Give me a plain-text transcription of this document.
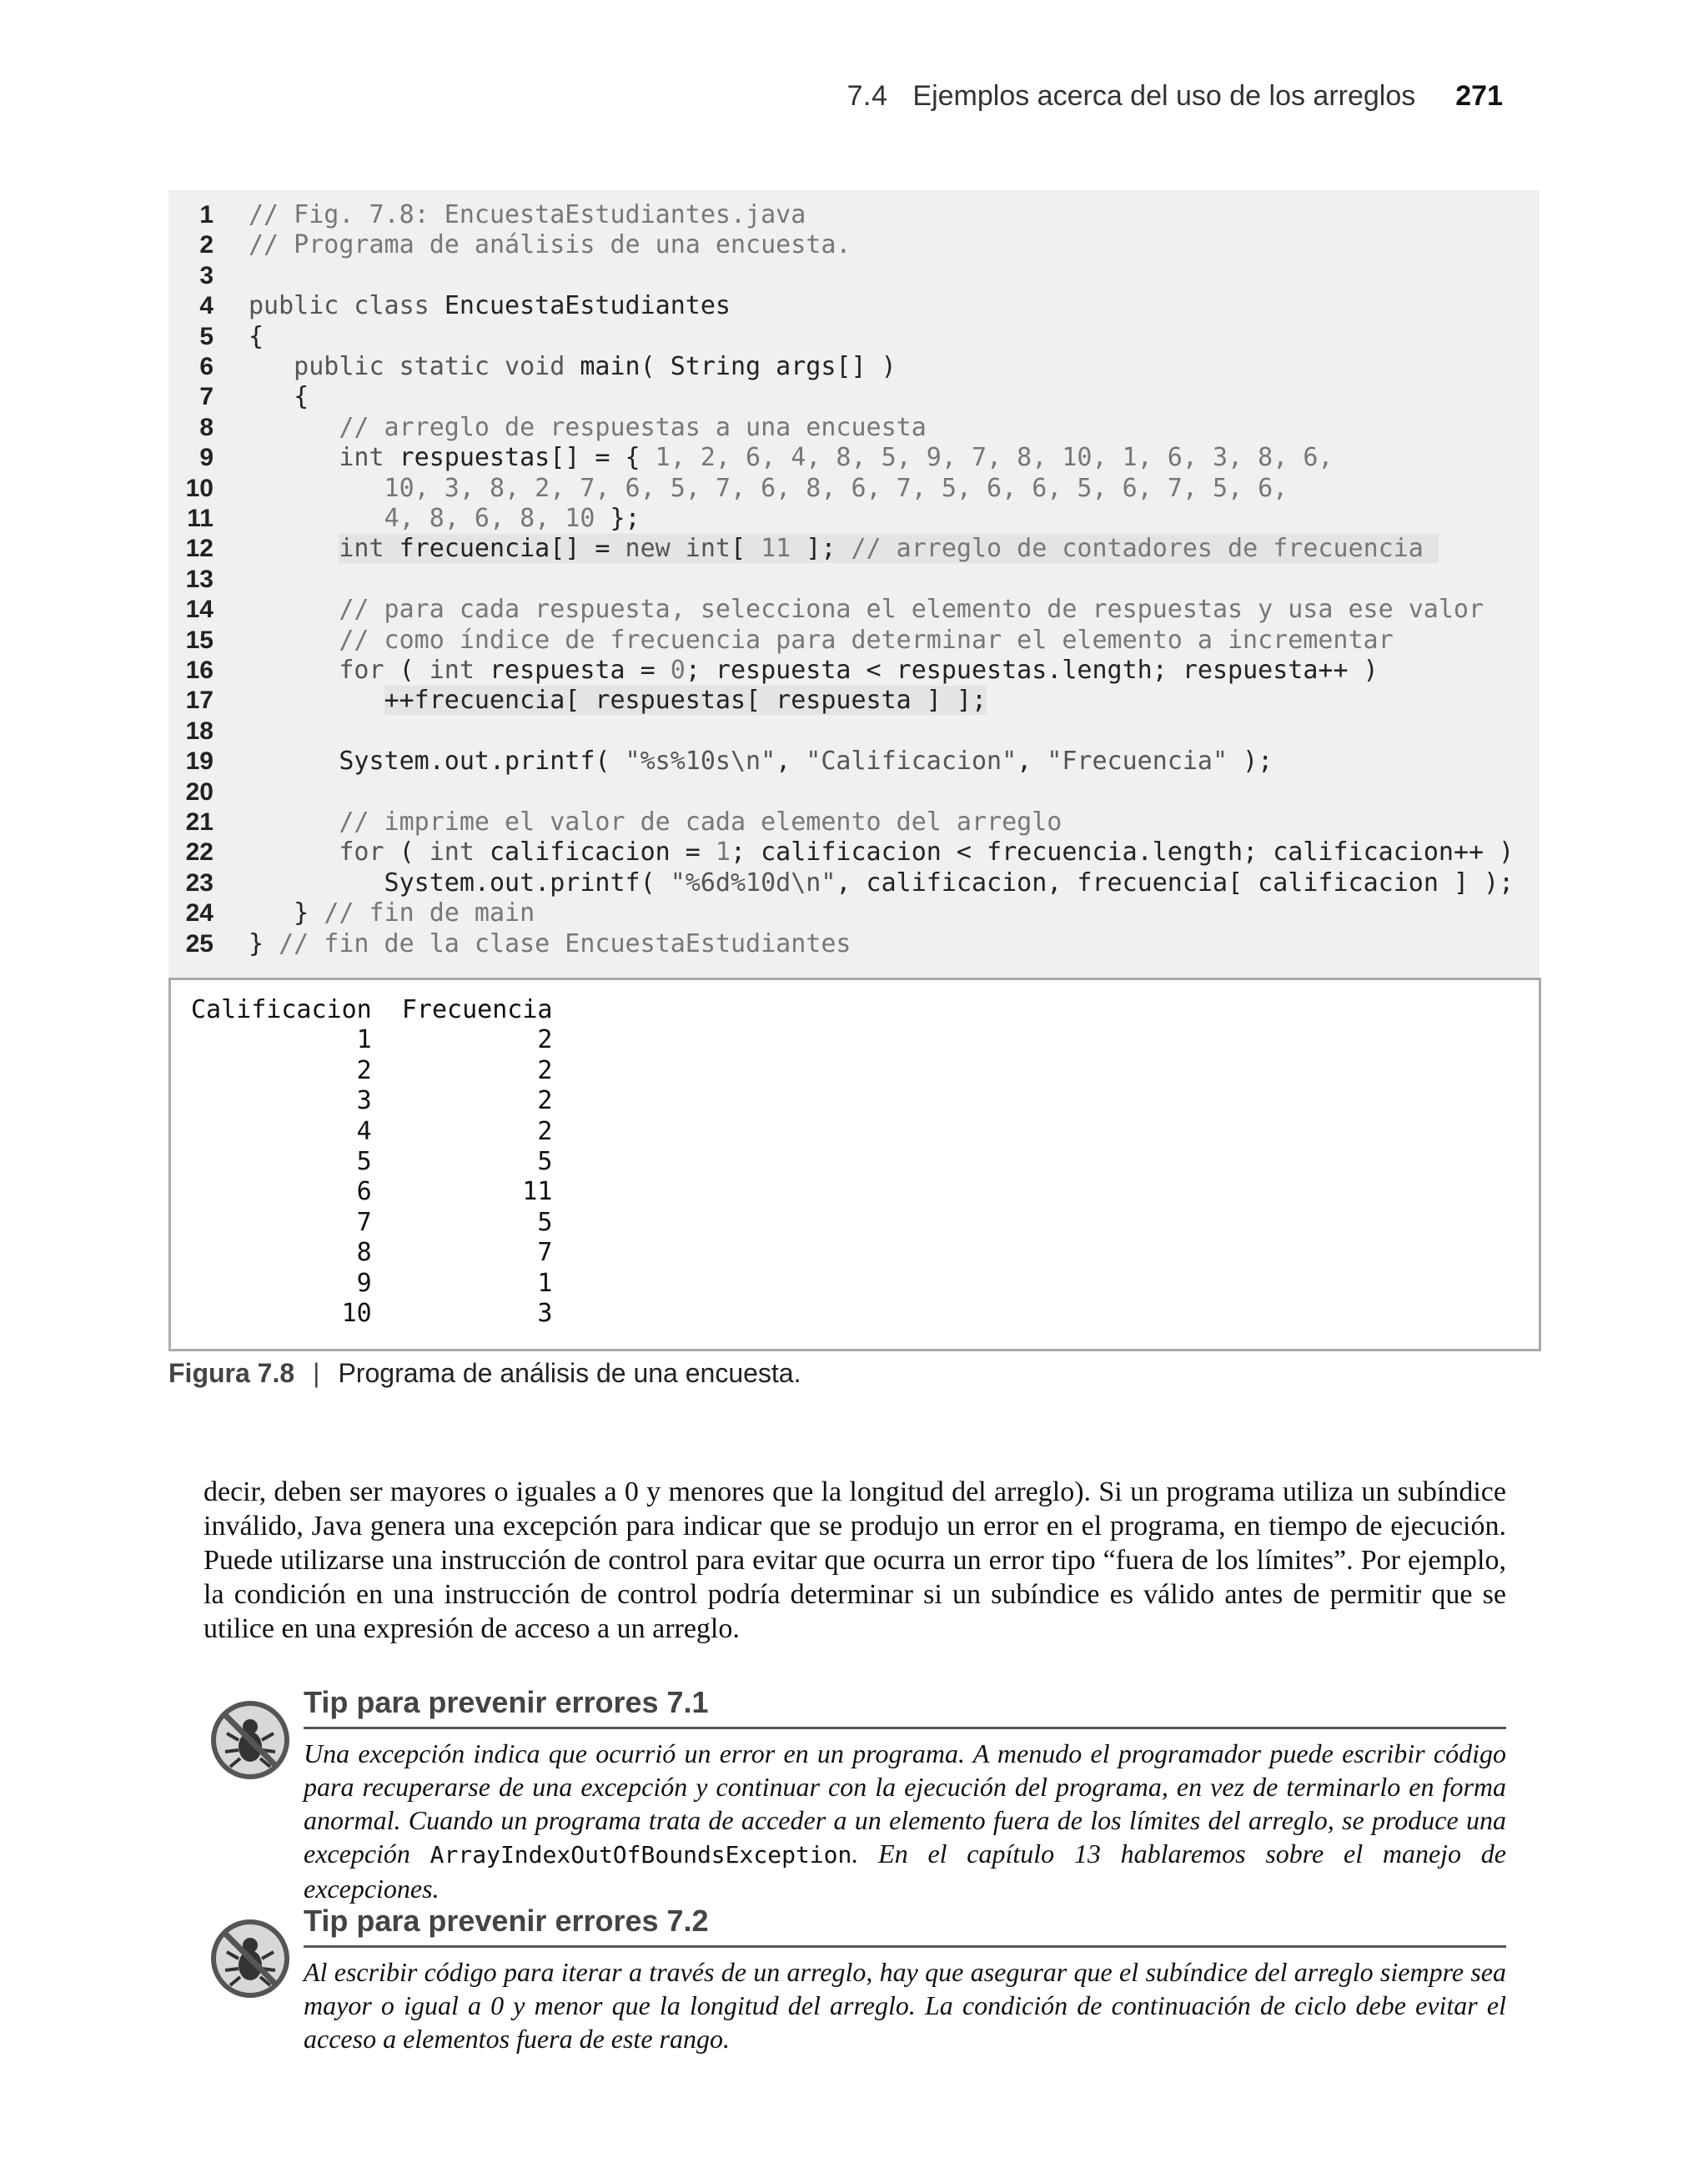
7.4 Ejemplos acerca del uso de los arreglos 271
1 // Fig. 7.8: EncuestaEstudiantes.java
2 // Programa de análisis de una encuesta.
3
4 public class EncuestaEstudiantes
5 {
6 public static void main( String args[] )
7 {
8 // arreglo de respuestas a una encuesta
9	int respuestas[] = { 1, 2, 6, 4, 8, 5, 9, 7, 8, 10, 1, 6, 3, 8, 6,
10 10, 3, 8, 2, 7, 6, 5, 7, 6, 8, 6, 7, 5, 6, 6, 5, 6, 7, 5, 6,
11	4, 8, 6, 8, 10 };
12	int frecuencia[] = new int[ 11 ]; // arreglo de contadores de frecuencia
13
14 // para cada respuesta, selecciona el elemento de respuestas y usa ese valor
15 // como índice de frecuencia para determinar el elemento a incrementar
16	for ( int respuesta = 0; respuesta < respuestas.length; respuesta++ )
17	++frecuencia[ respuestas[ respuesta ] ];
18
19 System.out.printf( "%s%10s\n", "Calificacion", "Frecuencia" );
20
21 // imprime el valor de cada elemento del arreglo
22	for ( int calificacion = 1; calificacion < frecuencia.length; calificacion++ )
23 System.out.printf( "%6d%10d\n", calificacion, frecuencia[ calificacion ] );
24 } // fin de main
25 } // fin de la clase EncuestaEstudiantes
Calificacion  Frecuencia
1           2
2           2
3           2
4           2
5           5
6          11
7           5
8           7
9           1
10           3
Figura 7.8 | Programa de análisis de una encuesta.
decir, deben ser mayores o iguales a 0 y menores que la longitud del arreglo). Si un programa utiliza un subíndice inválido, Java genera una excepción para indicar que se produjo un error en el programa, en tiempo de ejecución. Puede utilizarse una instrucción de control para evitar que ocurra un error tipo “fuera de los límites”. Por ejemplo, la condición en una instrucción de control podría determinar si un subíndice es válido antes de permitir que se utilice en una expresión de acceso a un arreglo.
Tip para prevenir errores 7.1
Una excepción indica que ocurrió un error en un programa. A menudo el programador puede escribir código para recuperarse de una excepción y continuar con la ejecución del programa, en vez de terminarlo en forma anormal. Cuando un programa trata de acceder a un elemento fuera de los límites del arreglo, se produce una excepción ArrayIndexOutOfBoundsException. En el capítulo 13 hablaremos sobre el manejo de excepciones.
Tip para prevenir errores 7.2
Al escribir código para iterar a través de un arreglo, hay que asegurar que el subíndice del arreglo siempre sea mayor o igual a 0 y menor que la longitud del arreglo. La condición de continuación de ciclo debe evitar el acceso a elementos fuera de este rango.
